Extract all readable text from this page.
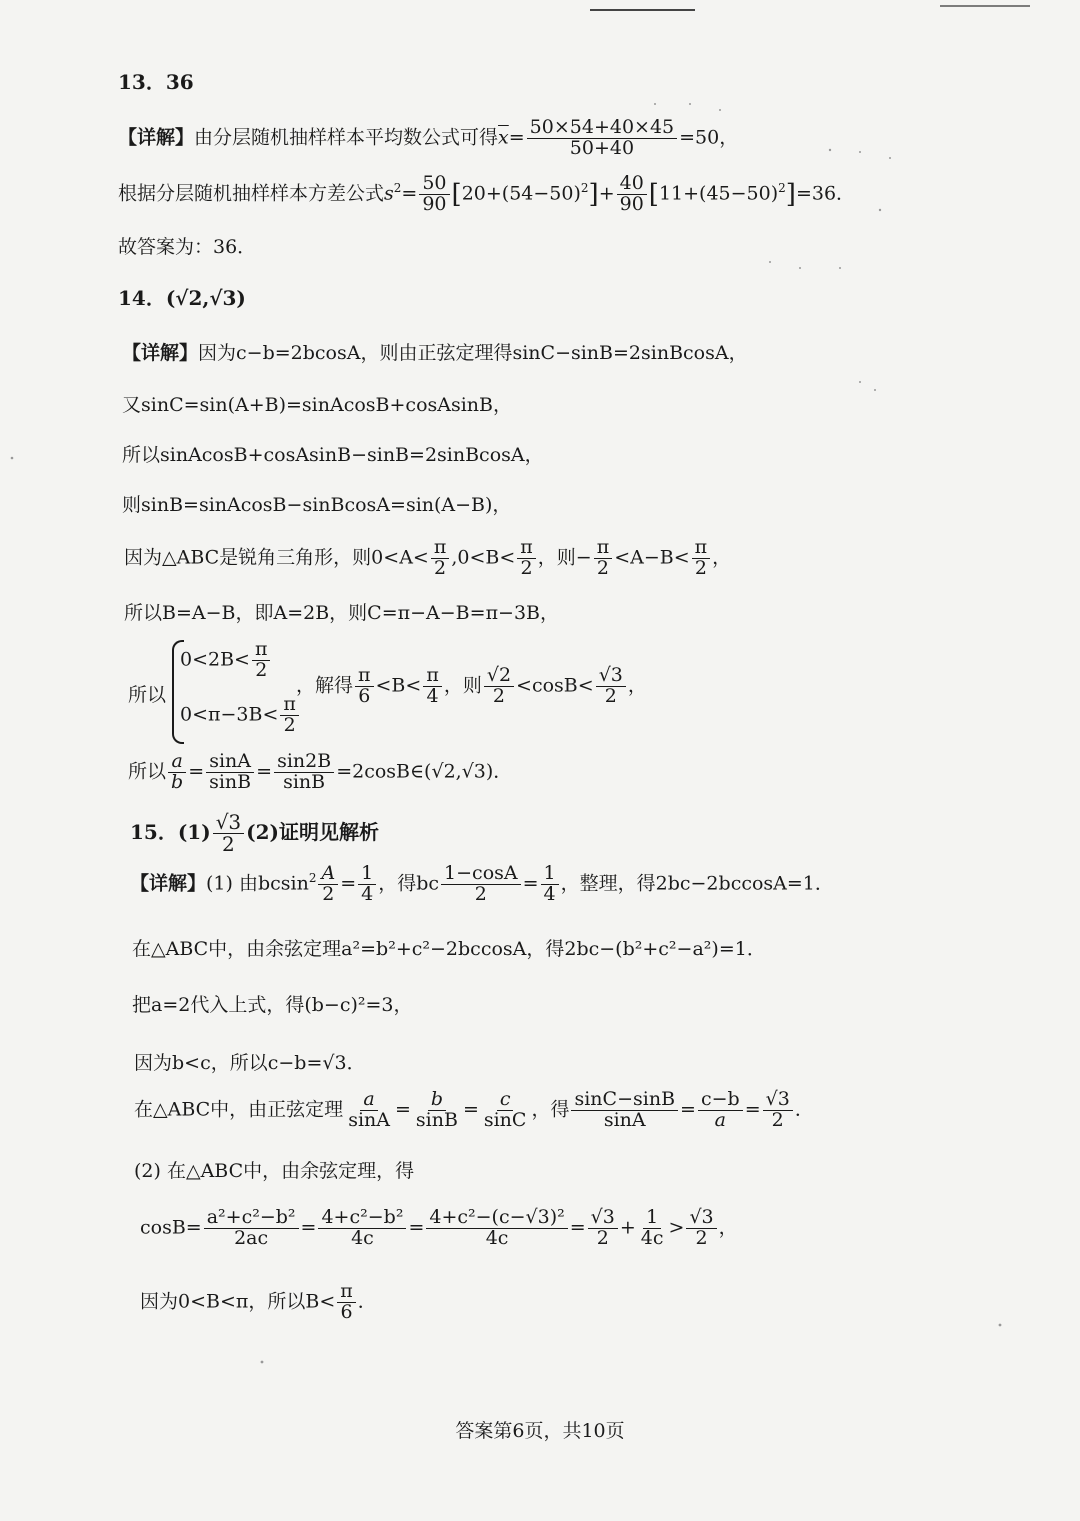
13．36
【详解】由分层随机抽样样本平均数公式可得$\overline{x}= \frac{50\times 54+40\times 45}{50+40} =50$，
根据分层随机抽样样本方差公式$s^2= \frac{50}{90} [20+(54-50)^2]+ \frac{40}{90} [11+(45-50)^2]=36$．
故答案为：36．
14．(√2,√3)
【详解】因为c−b=2bcosA，则由正弦定理得sinC−sinB=2sinBcosA，
又sinC=sin(A+B)=sinAcosB+cosAsinB，
所以sinAcosB+cosAsinB−sinB=2sinBcosA，
则sinB=sinAcosB−sinBcosA=sin(A−B)，
因为△ABC是锐角三角形，则$0<A< \frac{\pi}{2} ,0<B< \frac{\pi}{2}$ ，则− $\frac{\pi}{2} <A-B< \frac{\pi}{2}$ ，
所以B=A−B，即A=2B，则C=π−A−B=π−3B，
所以
$0<2B< \frac{\pi}{2}$
$0<\pi-3B< \frac{\pi}{2}$
，解得 $\frac{\pi}{6} <B< \frac{\pi}{4}$ ，则 $\frac{√2}{2} <\cos B< \frac{√3}{2}$ ，
所以 $\frac{a}{b} = \frac{\sin A}{\sin B} = \frac{\sin 2B}{\sin B}$ =2cosB∈(√2,√3)．
15．$(1) \frac{√3}{2} (2)$证明见解析
【详解】(1) 由$bcsin^2 \frac{A}{2} = \frac{1}{4}$ ，得bc $\frac{1-\cos A}{2} = \frac{1}{4}$ ，整理，得2bc−2bccosA=1．
在△ABC中，由余弦定理a²=b²+c²−2bccosA，得2bc−(b²+c²−a²)=1．
把a=2代入上式，得(b−c)²=3，
因为b<c，所以c−b=√3．
在△ABC中，由正弦定理 $\frac{a}{\sin A} = \frac{b}{\sin B} = \frac{c}{\sin C}$ ，得 $\frac{\sin C-\sin B}{\sin A} = \frac{c-b}{a} = \frac{√3}{2}$ ．
(2) 在△ABC中，由余弦定理，得
$\cos B= \frac{\text{a²+c²−b²}}{2ac} = \frac{\text{4+c²−b²}}{4c} = \frac{\text{4+c²−(c−√3)²}}{4c} = \frac{√3}{2} + \frac{1}{4c} > \frac{√3}{2}$ ，
因为0<B<π，所以$B< \frac{\pi}{6}$ ．
答案第6页，共10页
